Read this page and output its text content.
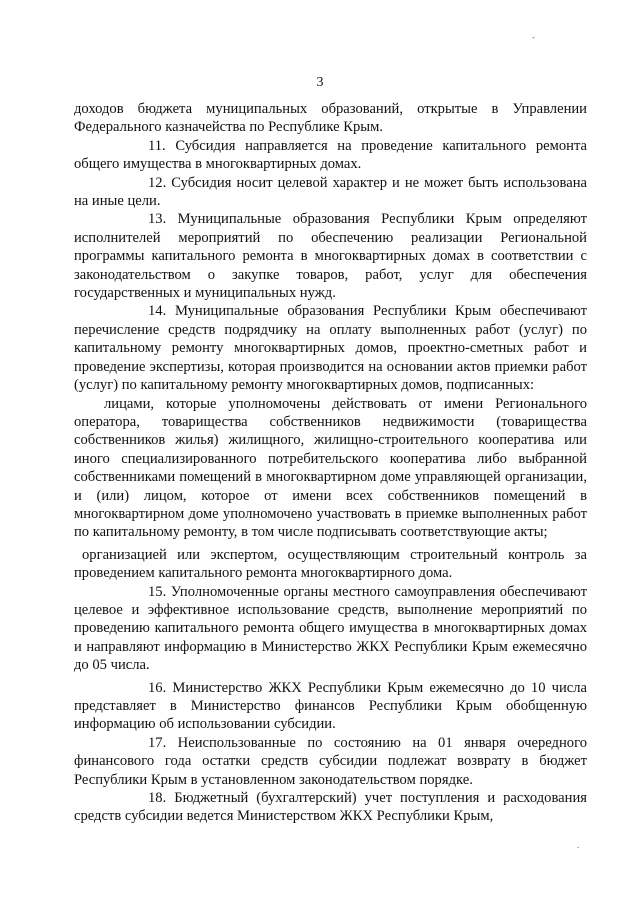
-
3

доходов бюджета муниципальных образований, открытые в Управлении Федерального казначейства по Республике Крым.

11. Субсидия направляется на проведение капитального ремонта общего имущества в многоквартирных домах.

12. Субсидия носит целевой характер и не может быть использована на иные цели.

13. Муниципальные образования Республики Крым определяют исполнителей мероприятий по обеспечению реализации Региональной программы капитального ремонта в многоквартирных домах в соответствии с законодательством о закупке товаров, работ, услуг для обеспечения государственных и муниципальных нужд.

14. Муниципальные образования Республики Крым обеспечивают перечисление средств подрядчику на оплату выполненных работ (услуг) по капитальному ремонту многоквартирных домов, проектно-сметных работ и проведение экспертизы, которая производится на основании актов приемки работ (услуг) по капитальному ремонту многоквартирных домов, подписанных:

лицами, которые уполномочены действовать от имени Регионального оператора, товарищества собственников недвижимости (товарищества собственников жилья) жилищного, жилищно-строительного кооператива или иного специализированного потребительского кооператива либо выбранной собственниками помещений в многоквартирном доме управляющей организации, и (или) лицом, которое от имени всех собственников помещений в многоквартирном доме уполномочено участвовать в приемке выполненных работ по капитальному ремонту, в том числе подписывать соответствующие акты;

организацией или экспертом, осуществляющим строительный контроль за проведением капитального ремонта многоквартирного дома.

15. Уполномоченные органы местного самоуправления обеспечивают целевое и эффективное использование средств, выполнение мероприятий по проведению капитального ремонта общего имущества в многоквартирных домах и направляют информацию в Министерство ЖКХ Республики Крым ежемесячно до 05 числа.

16. Министерство ЖКХ Республики Крым ежемесячно до 10 числа представляет в Министерство финансов Республики Крым обобщенную информацию об использовании субсидии.

17. Неиспользованные по состоянию на 01 января очередного финансового года остатки средств субсидии подлежат возврату в бюджет Республики Крым в установленном законодательством порядке.

18. Бюджетный (бухгалтерский) учет поступления и расходования средств субсидии ведется Министерством ЖКХ Республики Крым,

.
